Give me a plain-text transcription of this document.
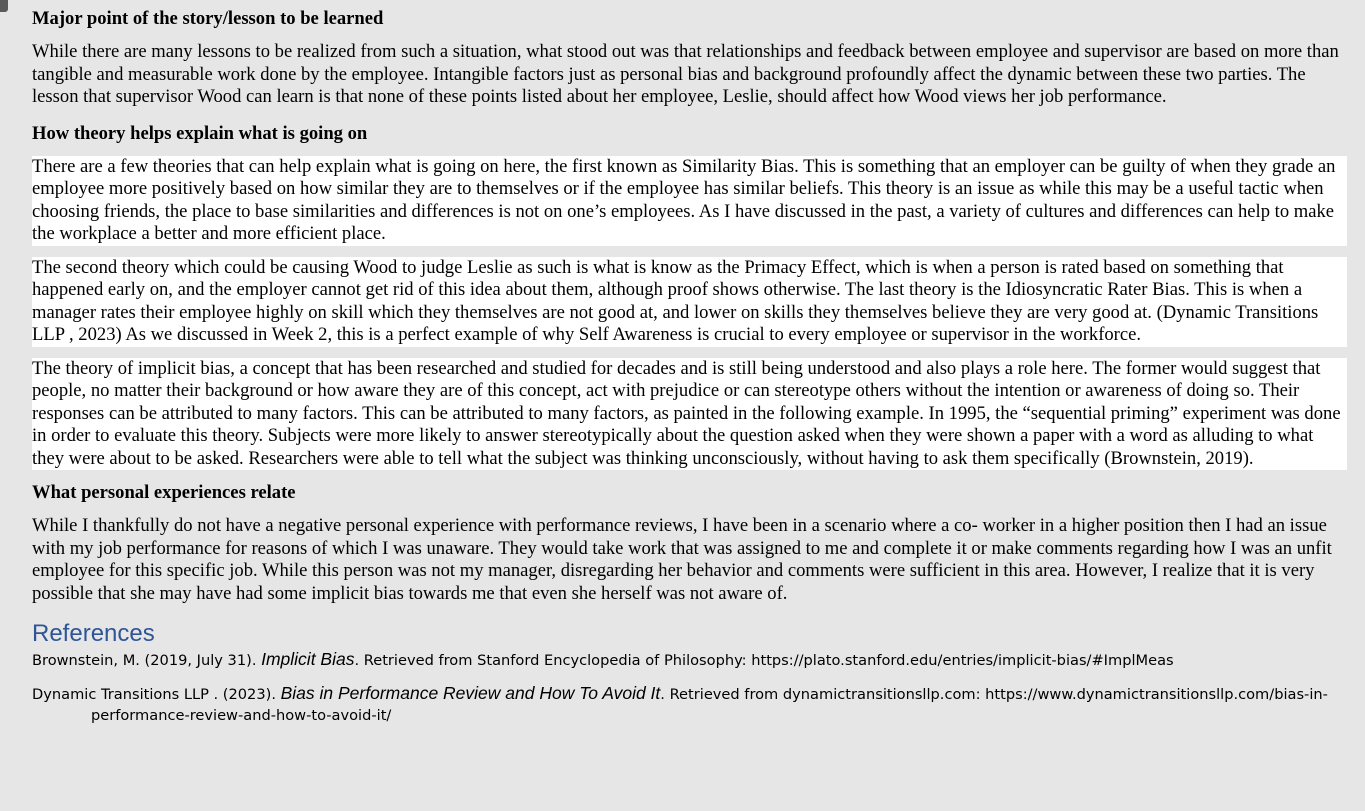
Major point of the story/lesson to be learned
While there are many lessons to be realized from such a situation, what stood out was that relationships and feedback between employee and supervisor are based on more than tangible and measurable work done by the employee. Intangible factors just as personal bias and background profoundly affect the dynamic between these two parties. The lesson that supervisor Wood can learn is that none of these points listed about her employee, Leslie, should affect how Wood views her job performance.
How theory helps explain what is going on
There are a few theories that can help explain what is going on here, the first known as Similarity Bias. This is something that an employer can be guilty of when they grade an employee more positively based on how similar they are to themselves or if the employee has similar beliefs. This theory is an issue as while this may be a useful tactic when choosing friends, the place to base similarities and differences is not on one’s employees. As I have discussed in the past, a variety of cultures and differences can help to make the workplace a better and more efficient place.
The second theory which could be causing Wood to judge Leslie as such is what is know as the Primacy Effect, which is when a person is rated based on something that happened early on, and the employer cannot get rid of this idea about them, although proof shows otherwise. The last theory is the Idiosyncratic Rater Bias. This is when a manager rates their employee highly on skill which they themselves are not good at, and lower on skills they themselves believe they are very good at. (Dynamic Transitions LLP , 2023) As we discussed in Week 2, this is a perfect example of why Self Awareness is crucial to every employee or supervisor in the workforce.
The theory of implicit bias, a concept that has been researched and studied for decades and is still being understood and also plays a role here. The former would suggest that people, no matter their background or how aware they are of this concept, act with prejudice or can stereotype others without the intention or awareness of doing so. Their responses can be attributed to many factors. This can be attributed to many factors, as painted in the following example. In 1995, the “sequential priming” experiment was done in order to evaluate this theory. Subjects were more likely to answer stereotypically about the question asked when they were shown a paper with a word as alluding to what they were about to be asked. Researchers were able to tell what the subject was thinking unconsciously, without having to ask them specifically (Brownstein, 2019).
What personal experiences relate
While I thankfully do not have a negative personal experience with performance reviews, I have been in a scenario where a co- worker in a higher position then I had an issue with my job performance for reasons of which I was unaware. They would take work that was assigned to me and complete it or make comments regarding how I was an unfit employee for this specific job. While this person was not my manager, disregarding her behavior and comments were sufficient in this area. However, I realize that it is very possible that she may have had some implicit bias towards me that even she herself was not aware of.
References
Brownstein, M. (2019, July 31). Implicit Bias. Retrieved from Stanford Encyclopedia of Philosophy: https://plato.stanford.edu/entries/implicit-bias/#ImplMeas
Dynamic Transitions LLP . (2023). Bias in Performance Review and How To Avoid It. Retrieved from dynamictransitionsllp.com: https://www.dynamictransitionsllp.com/bias-in-performance-review-and-how-to-avoid-it/
